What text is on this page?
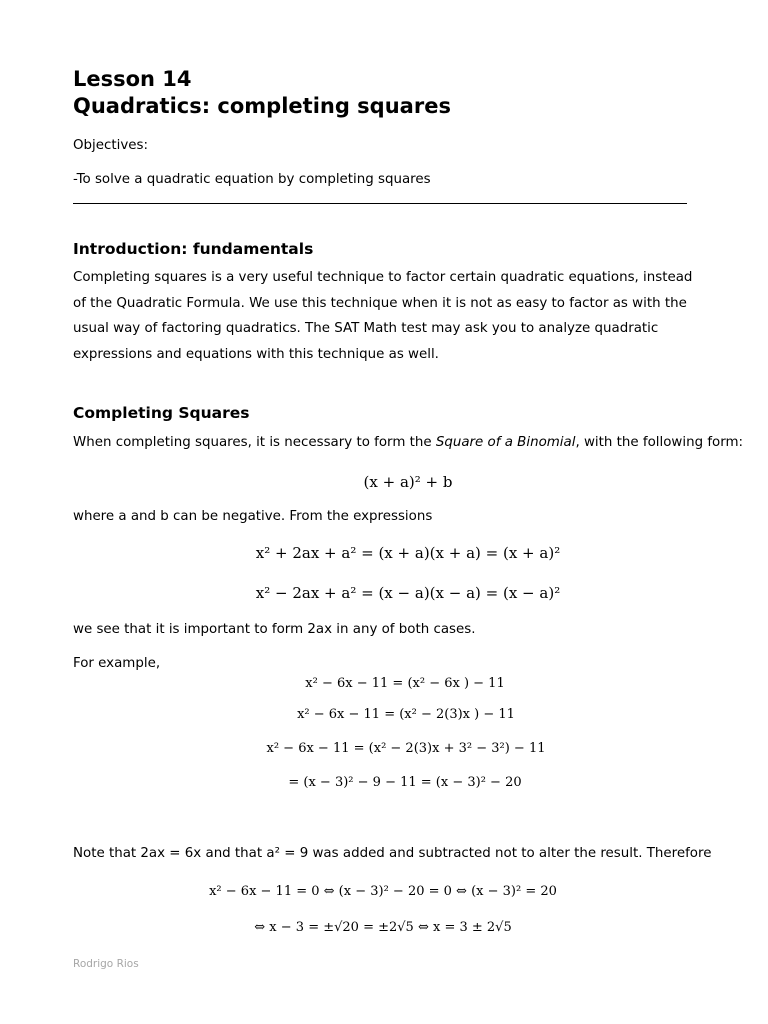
Lesson 14
Quadratics: completing squares
Objectives:
-To solve a quadratic equation by completing squares
Introduction: fundamentals
Completing squares is a very useful technique to factor certain quadratic equations, instead of the Quadratic Formula. We use this technique when it is not as easy to factor as with the usual way of factoring quadratics. The SAT Math test may ask you to analyze quadratic expressions and equations with this technique as well.
Completing Squares
When completing squares, it is necessary to form the Square of a Binomial, with the following form:
(x + a)² + b
where a and b can be negative. From the expressions
x² + 2ax + a² = (x + a)(x + a) = (x + a)²
x² − 2ax + a² = (x − a)(x − a) = (x − a)²
we see that it is important to form 2ax in any of both cases.
For example,
x² − 6x − 11 = (x² − 6x ) − 11
x² − 6x − 11 = (x² − 2(3)x ) − 11
x² − 6x − 11 = (x² − 2(3)x + 3² − 3²) − 11
= (x − 3)² − 9 − 11 = (x − 3)² − 20
Note that 2ax = 6x and that a² = 9 was added and subtracted not to alter the result. Therefore
x² − 6x − 11 = 0 ⇔ (x − 3)² − 20 = 0 ⇔ (x − 3)² = 20
⇔ x − 3 = ±√20 = ±2√5 ⇔ x = 3 ± 2√5
Rodrigo Rios
